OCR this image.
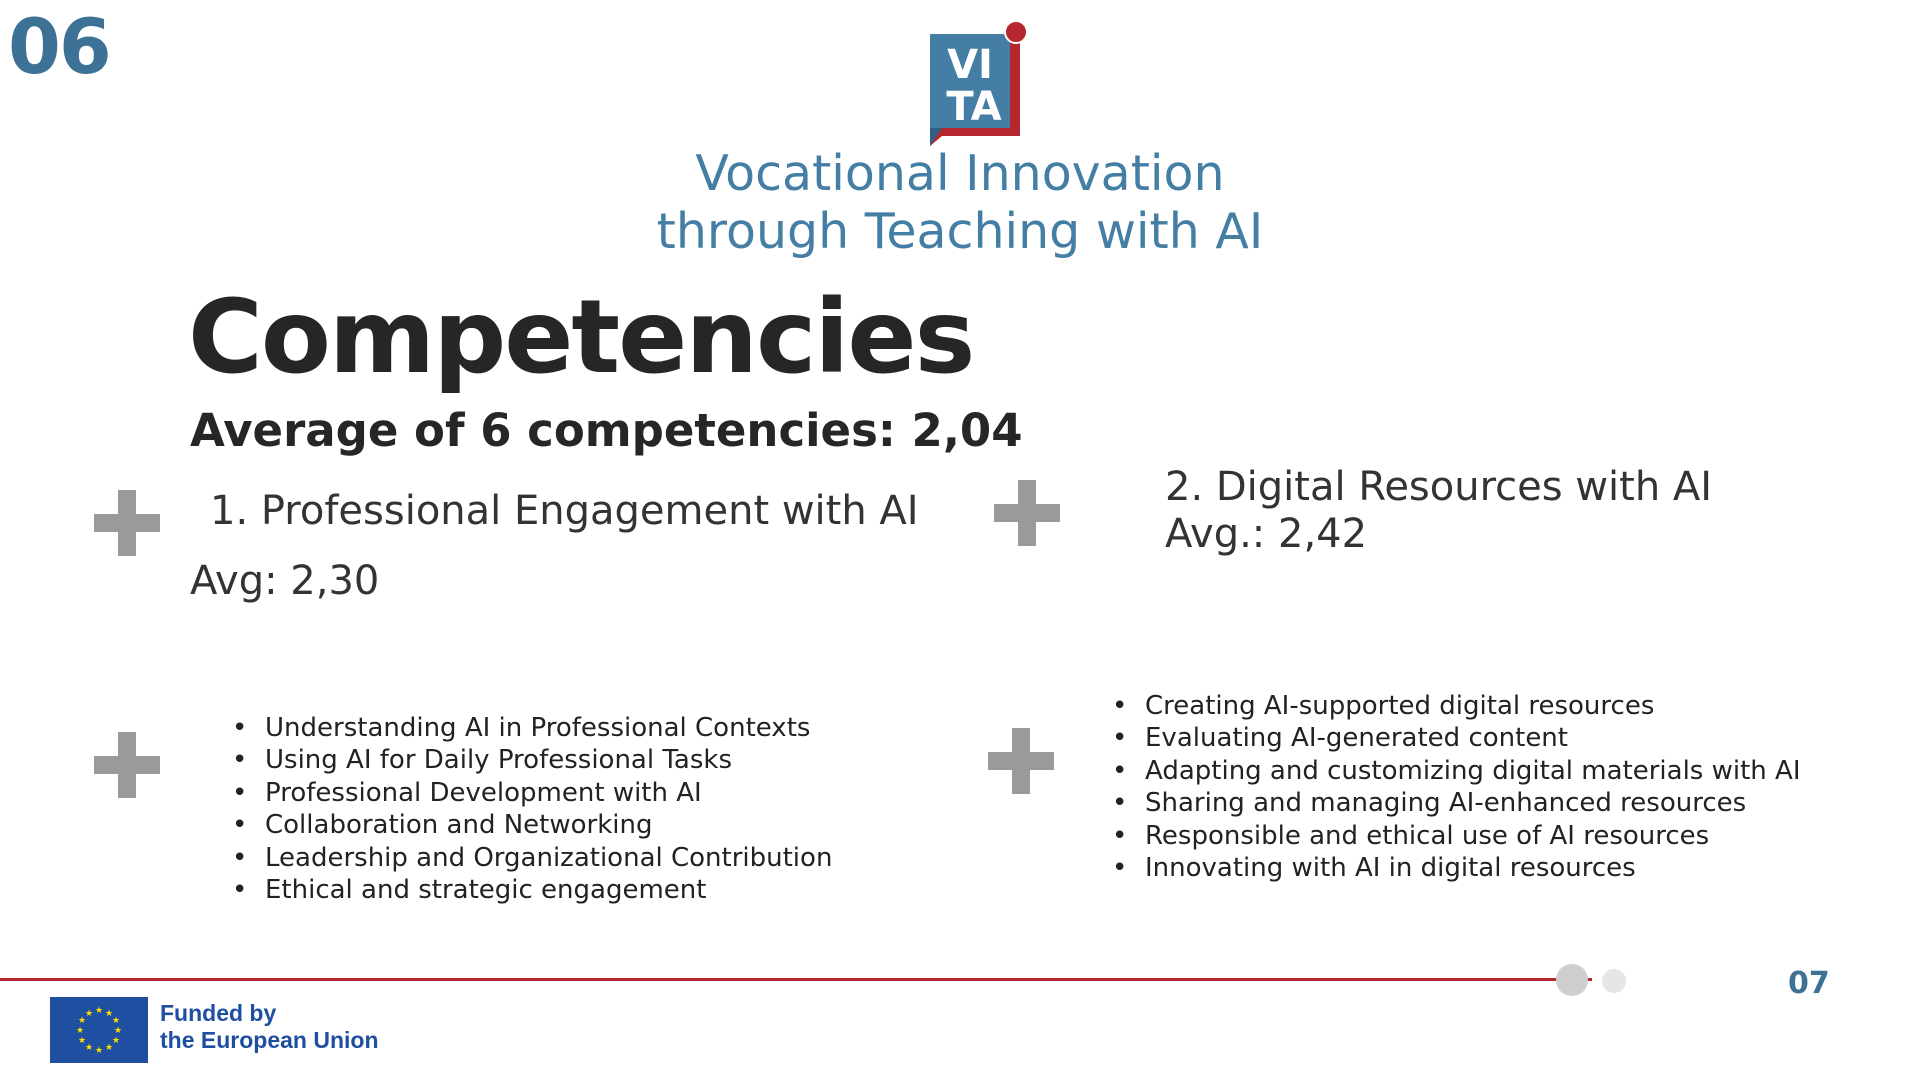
06	VI
TA
Vocational Innovation
through Teaching with AI
Competencies
Average of 6 competencies: 2,04
1. Professional Engagement with AI
Avg: 2,30
• Understanding AI in Professional Contexts
• Using AI for Daily Professional Tasks
• Professional Development with AI
• Collaboration and Networking
• Leadership and Organizational Contribution
• Ethical and strategic engagement
2. Digital Resources with AI
Avg.: 2,42
• Creating AI-supported digital resources
• Evaluating AI-generated content
• Adapting and customizing digital materials with AI
• Sharing and managing AI-enhanced resources
• Responsible and ethical use of AI resources
• Innovating with AI in digital resources
07
★ ★
★
★
★
★
★
★
★
★
★
★	Funded by
the European Union
